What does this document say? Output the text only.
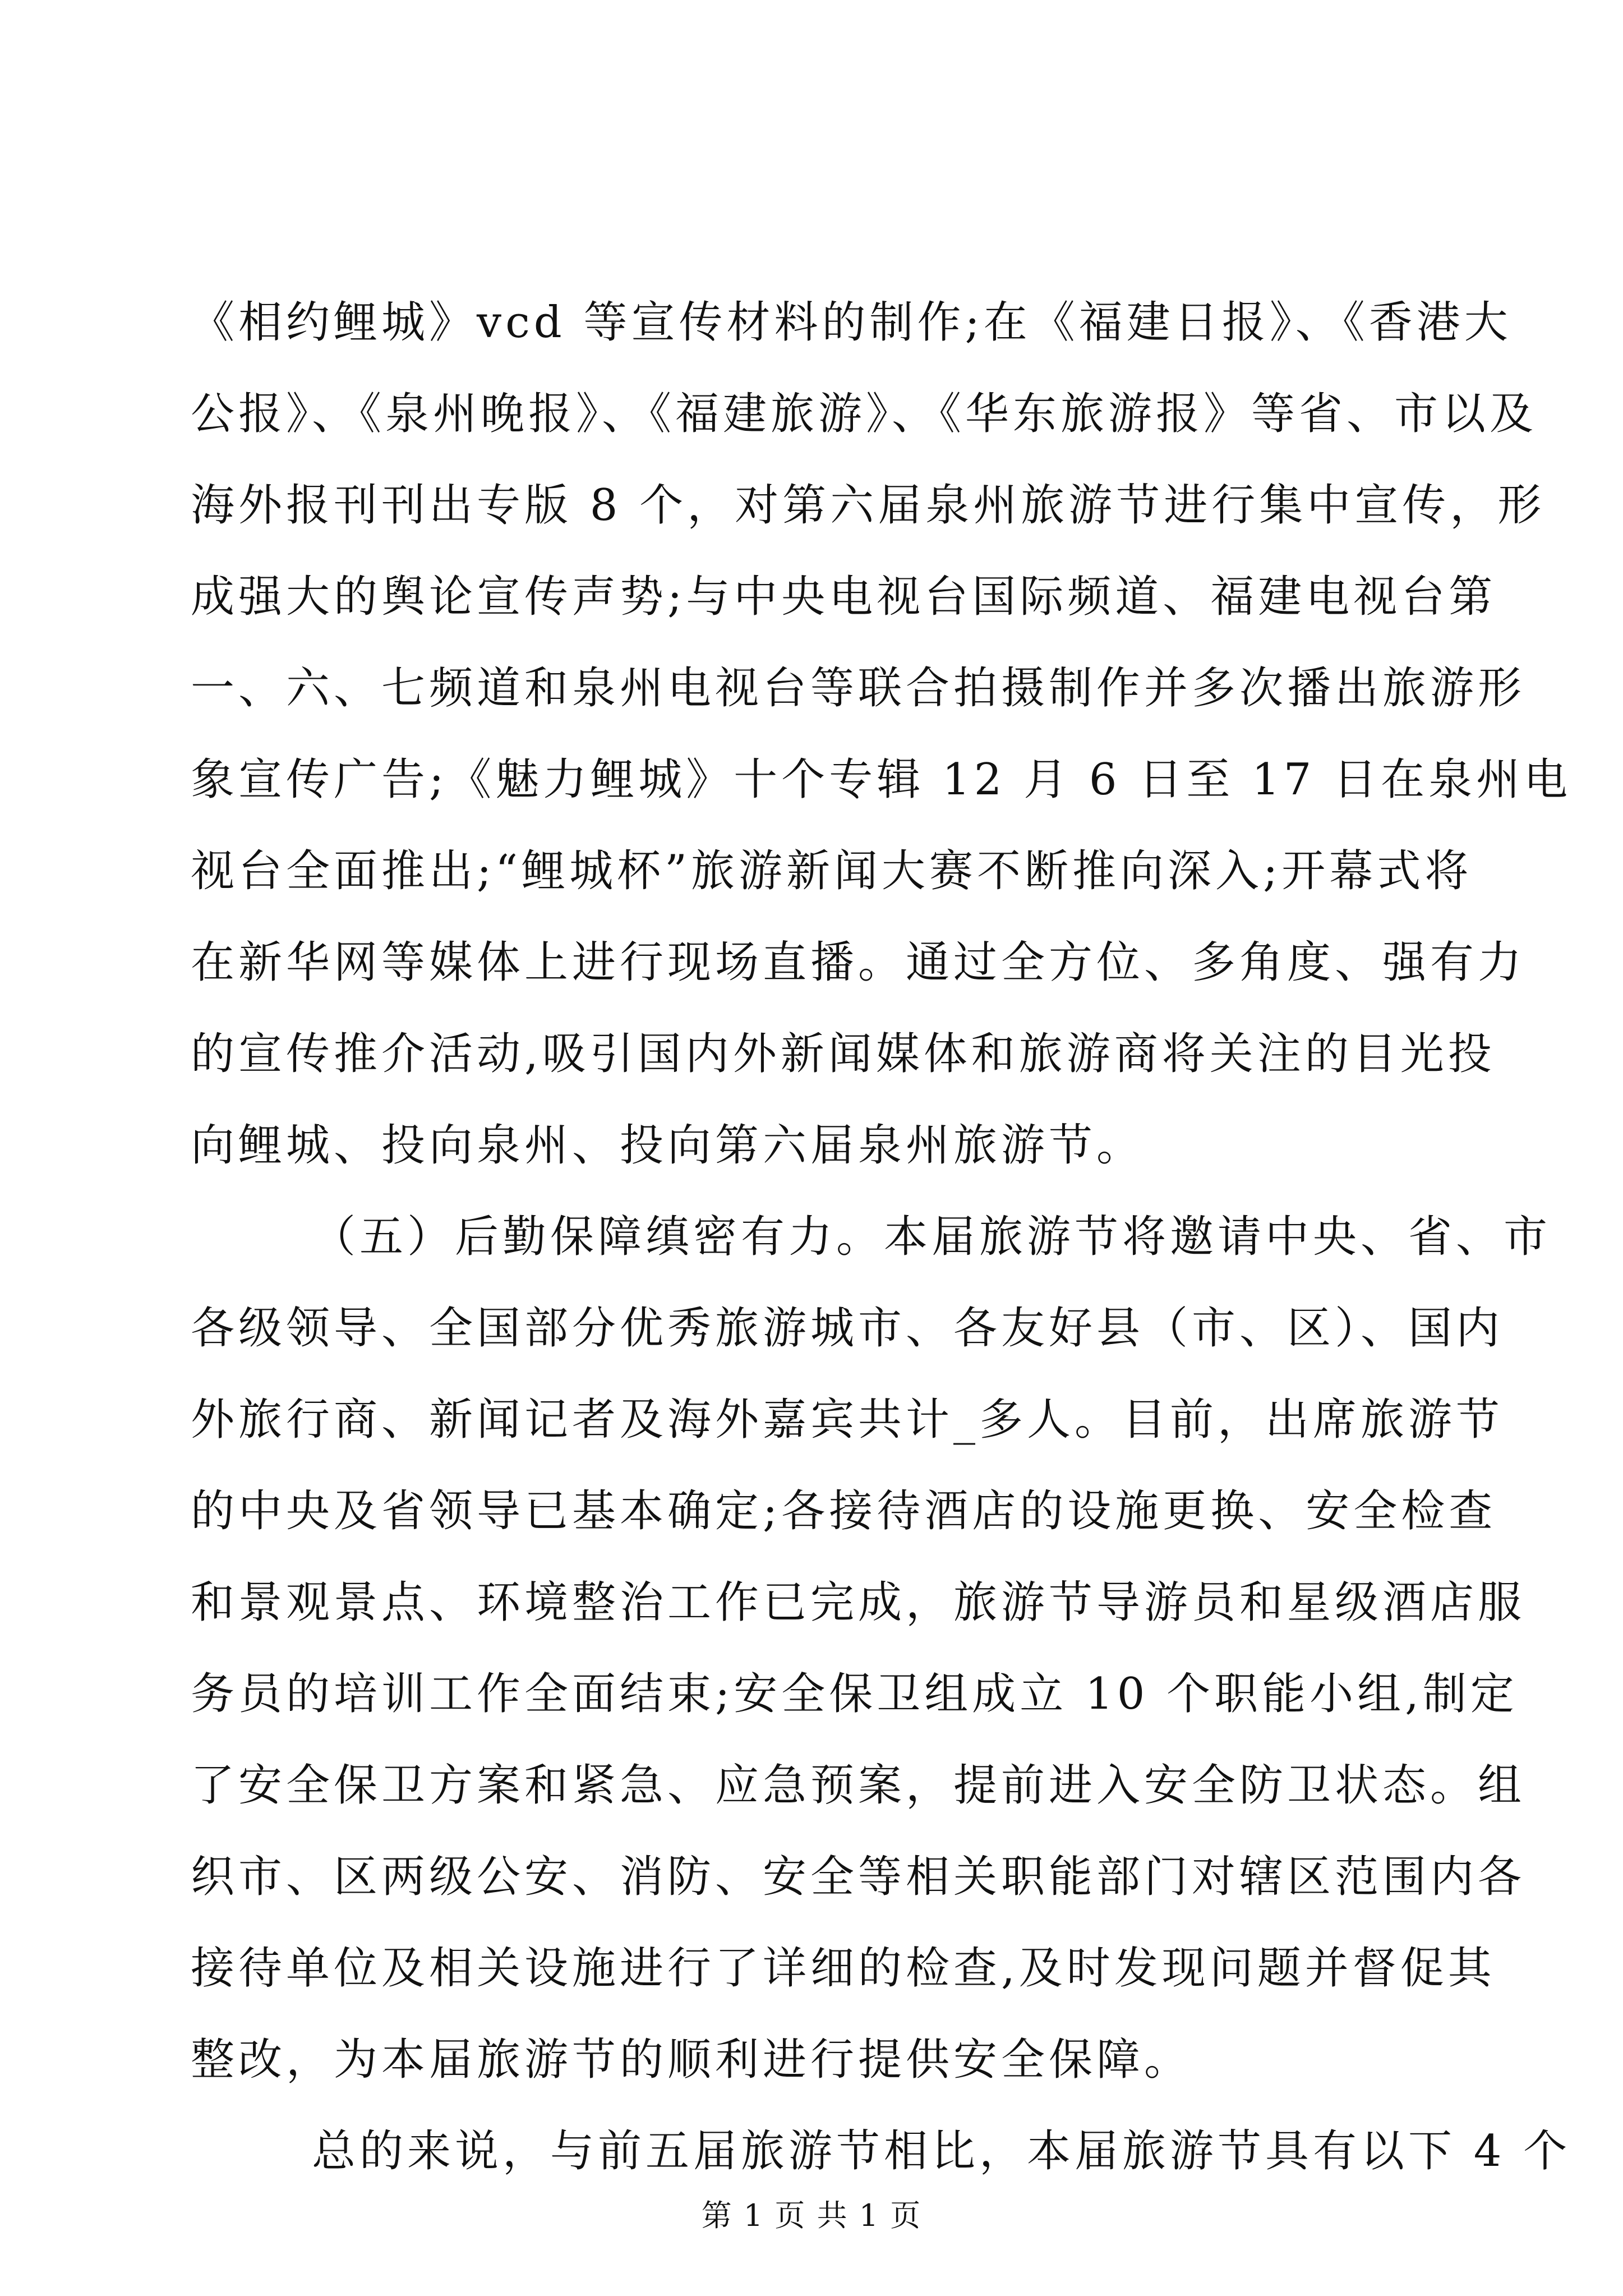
《相约鲤城》vcd 等宣传材料的制作;在《福建日报》、《香港大
公报》、《泉州晚报》、《福建旅游》、《华东旅游报》等省、市以及
海外报刊刊出专版 8 个，对第六届泉州旅游节进行集中宣传，形
成强大的舆论宣传声势;与中央电视台国际频道、福建电视台第
一、六、七频道和泉州电视台等联合拍摄制作并多次播出旅游形
象宣传广告;《魅力鲤城》十个专辑 12 月 6 日至 17 日在泉州电
视台全面推出;“鲤城杯”旅游新闻大赛不断推向深入;开幕式将
在新华网等媒体上进行现场直播。通过全方位、多角度、强有力
的宣传推介活动,吸引国内外新闻媒体和旅游商将关注的目光投
向鲤城、投向泉州、投向第六届泉州旅游节。
（五）后勤保障缜密有力。本届旅游节将邀请中央、省、市
各级领导、全国部分优秀旅游城市、各友好县（市、区）、国内
外旅行商、新闻记者及海外嘉宾共计_多人。目前，出席旅游节
的中央及省领导已基本确定;各接待酒店的设施更换、安全检查
和景观景点、环境整治工作已完成，旅游节导游员和星级酒店服
务员的培训工作全面结束;安全保卫组成立 10 个职能小组,制定
了安全保卫方案和紧急、应急预案，提前进入安全防卫状态。组
织市、区两级公安、消防、安全等相关职能部门对辖区范围内各
接待单位及相关设施进行了详细的检查,及时发现问题并督促其
整改，为本届旅游节的顺利进行提供安全保障。
总的来说，与前五届旅游节相比，本届旅游节具有以下 4 个
第 1 页 共 1 页
